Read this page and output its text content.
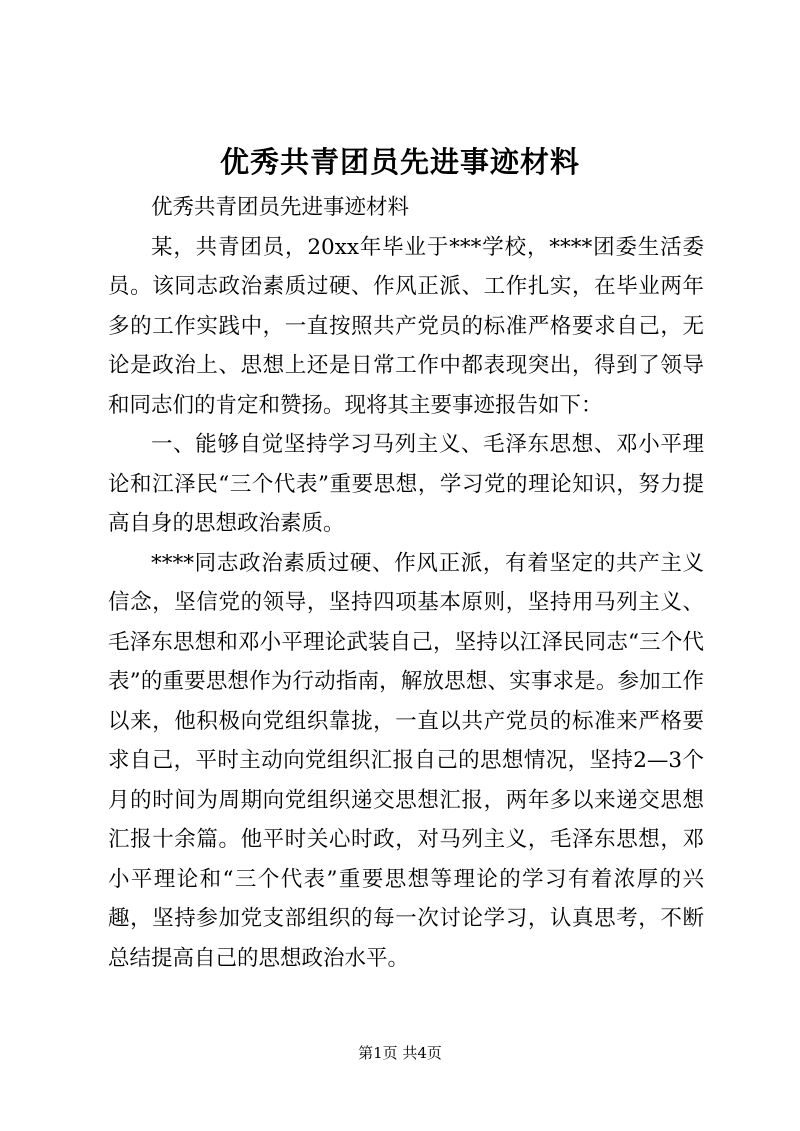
优秀共青团员先进事迹材料

优秀共青团员先进事迹材料

某，共青团员，20xx年毕业于***学校，****团委生活委员。该同志政治素质过硬、作风正派、工作扎实，在毕业两年多的工作实践中，一直按照共产党员的标准严格要求自己，无论是政治上、思想上还是日常工作中都表现突出，得到了领导和同志们的肯定和赞扬。现将其主要事迹报告如下：

一、能够自觉坚持学习马列主义、毛泽东思想、邓小平理论和江泽民“三个代表”重要思想，学习党的理论知识，努力提高自身的思想政治素质。

****同志政治素质过硬、作风正派，有着坚定的共产主义信念，坚信党的领导，坚持四项基本原则，坚持用马列主义、毛泽东思想和邓小平理论武装自己，坚持以江泽民同志“三个代表”的重要思想作为行动指南，解放思想、实事求是。参加工作以来，他积极向党组织靠拢，一直以共产党员的标准来严格要求自己，平时主动向党组织汇报自己的思想情况，坚持2—3个月的时间为周期向党组织递交思想汇报，两年多以来递交思想汇报十余篇。他平时关心时政，对马列主义，毛泽东思想，邓小平理论和“三个代表”重要思想等理论的学习有着浓厚的兴趣，坚持参加党支部组织的每一次讨论学习，认真思考，不断总结提高自己的思想政治水平。

第1页 共4页
